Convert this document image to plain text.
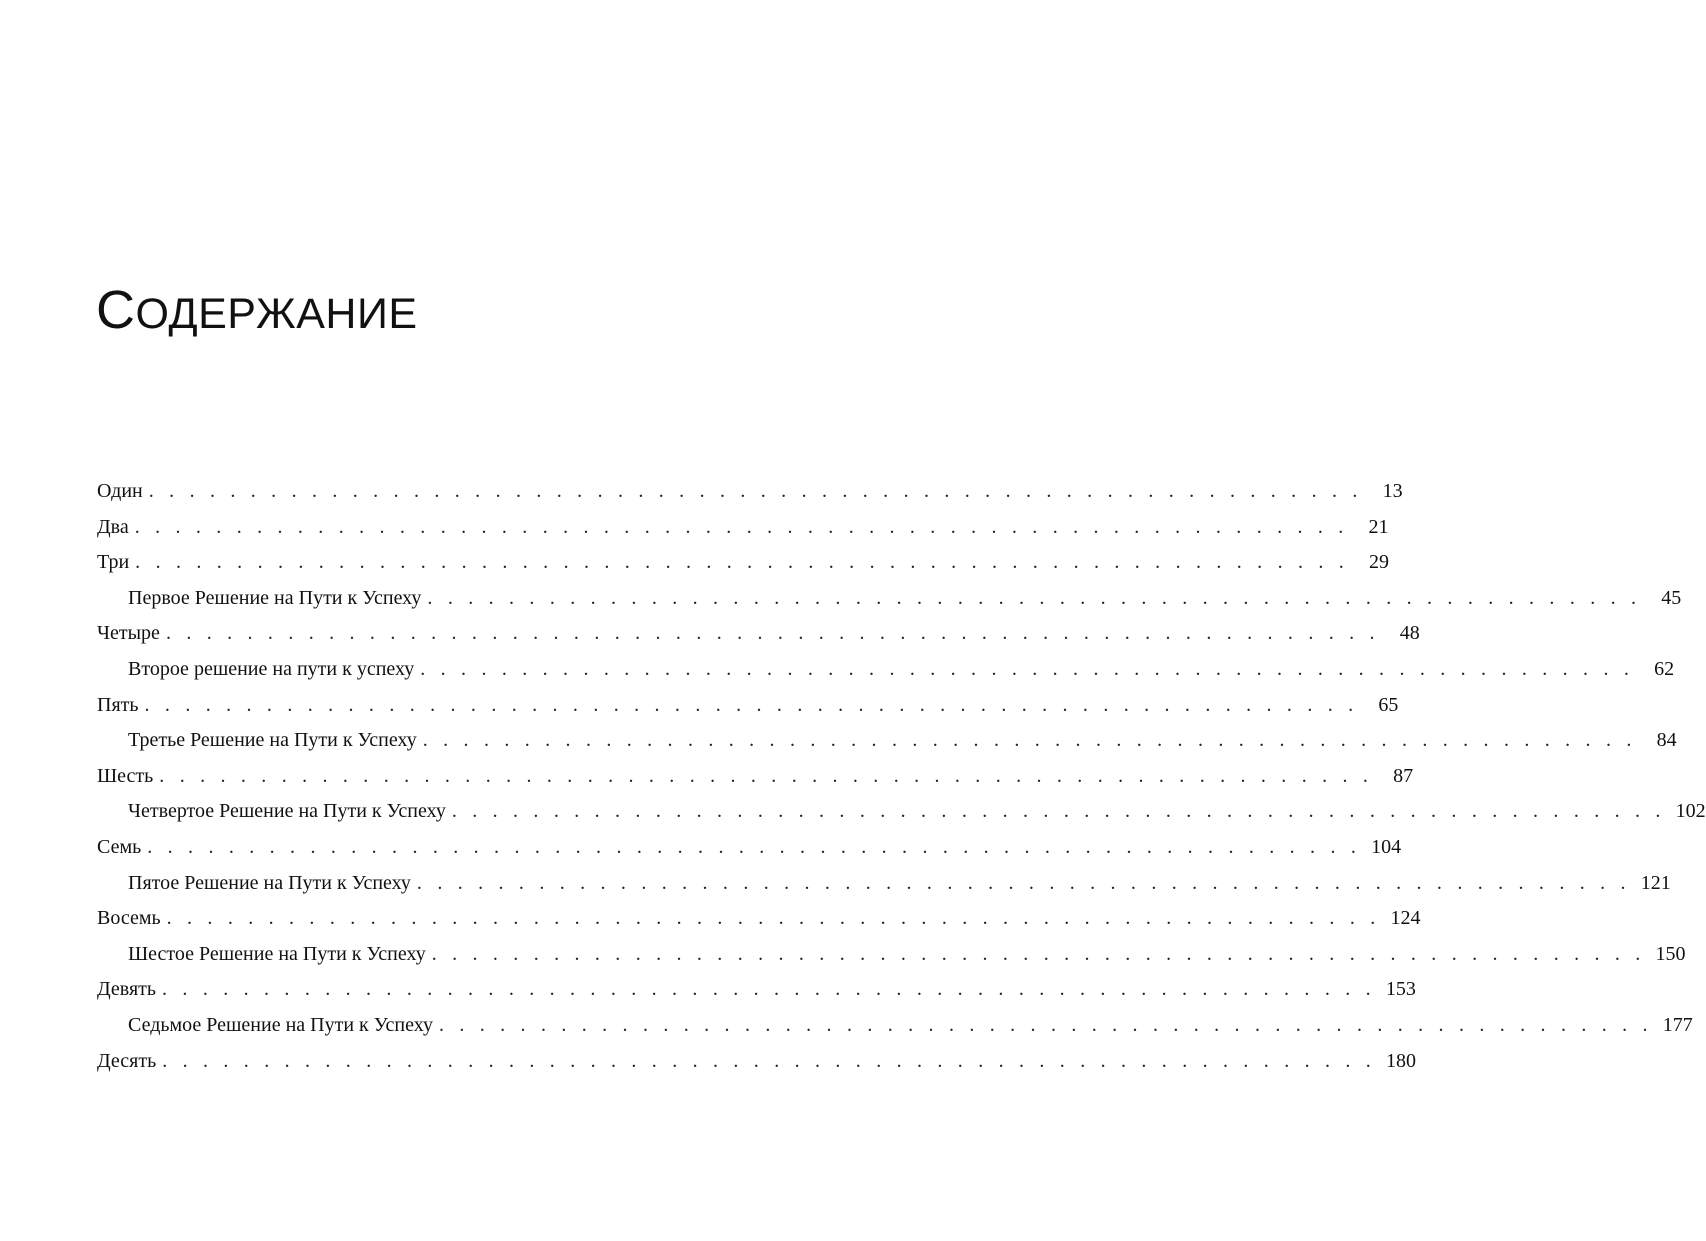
СОДЕРЖАНИЕ
Один . . . . . . . . . . . . . . . . . . . . . . . . . . . . . . . . . . . . . . . . . . . . . . . . . . . . . . . . . . . .	13
Два . . . . . . . . . . . . . . . . . . . . . . . . . . . . . . . . . . . . . . . . . . . . . . . . . . . . . . . . . . . .	21
Три . . . . . . . . . . . . . . . . . . . . . . . . . . . . . . . . . . . . . . . . . . . . . . . . . . . . . . . . . . . .	29
Первое Решение на Пути к Успеху . . . . . . . . . . . . . . . . . . . . . . . . . . . . . . . . . . . . . . . . . . . . . . . . . . . . . . . . . . . .	45
Четыре . . . . . . . . . . . . . . . . . . . . . . . . . . . . . . . . . . . . . . . . . . . . . . . . . . . . . . . . . . . .	48
Второе решение на пути к успеху . . . . . . . . . . . . . . . . . . . . . . . . . . . . . . . . . . . . . . . . . . . . . . . . . . . . . . . . . . . .	62
Пять . . . . . . . . . . . . . . . . . . . . . . . . . . . . . . . . . . . . . . . . . . . . . . . . . . . . . . . . . . . .	65
Третье Решение на Пути к Успеху . . . . . . . . . . . . . . . . . . . . . . . . . . . . . . . . . . . . . . . . . . . . . . . . . . . . . . . . . . . .	84
Шесть . . . . . . . . . . . . . . . . . . . . . . . . . . . . . . . . . . . . . . . . . . . . . . . . . . . . . . . . . . . .	87
Четвертое Решение на Пути к Успеху . . . . . . . . . . . . . . . . . . . . . . . . . . . . . . . . . . . . . . . . . . . . . . . . . . . . . . . . . . . . 102
Семь . . . . . . . . . . . . . . . . . . . . . . . . . . . . . . . . . . . . . . . . . . . . . . . . . . . . . . . . . . . . 104
Пятое Решение на Пути к Успеху . . . . . . . . . . . . . . . . . . . . . . . . . . . . . . . . . . . . . . . . . . . . . . . . . . . . . . . . . . . . 121
Восемь . . . . . . . . . . . . . . . . . . . . . . . . . . . . . . . . . . . . . . . . . . . . . . . . . . . . . . . . . . . . 124
Шестое Решение на Пути к Успеху . . . . . . . . . . . . . . . . . . . . . . . . . . . . . . . . . . . . . . . . . . . . . . . . . . . . . . . . . . . . 150
Девять . . . . . . . . . . . . . . . . . . . . . . . . . . . . . . . . . . . . . . . . . . . . . . . . . . . . . . . . . . . . 153
Седьмое Решение на Пути к Успеху . . . . . . . . . . . . . . . . . . . . . . . . . . . . . . . . . . . . . . . . . . . . . . . . . . . . . . . . . . . . 177
Десять . . . . . . . . . . . . . . . . . . . . . . . . . . . . . . . . . . . . . . . . . . . . . . . . . . . . . . . . . . . . 180
